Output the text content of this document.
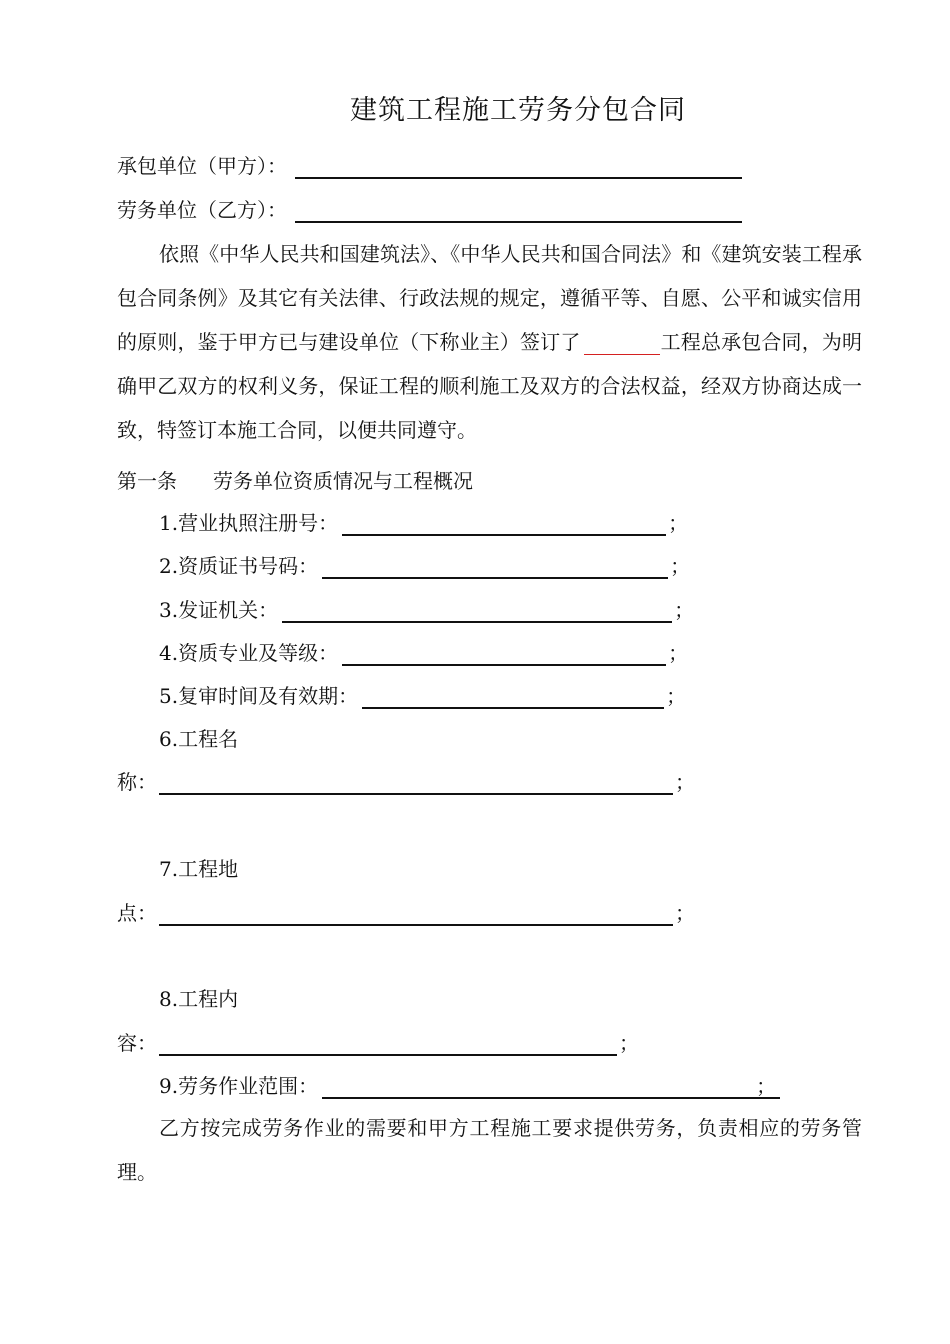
建筑工程施工劳务分包合同
承包单位（甲方）：
劳务单位（乙方）：
依照《中华人民共和国建筑法》、《中华人民共和国合同法》和《建筑安装工程承包合同条例》及其它有关法律、行政法规的规定，遵循平等、自愿、公平和诚实信用的原则，鉴于甲方已与建设单位（下称业主）签订了	工程总承包合同，为明确甲乙双方的权利义务，保证工程的顺利施工及双方的合法权益，经双方协商达成一致，特签订本施工合同，以便共同遵守。
第一条 劳务单位资质情况与工程概况
1.营业执照注册号：	；
2.资质证书号码：	；
3.发证机关：	；
4.资质专业及等级：	；
5.复审时间及有效期：	；
6.工程名
称：	；
7.工程地
点：	；
8.工程内
容：	；
9.劳务作业范围：	；
乙方按完成劳务作业的需要和甲方工程施工要求提供劳务，负责相应的劳务管理。
